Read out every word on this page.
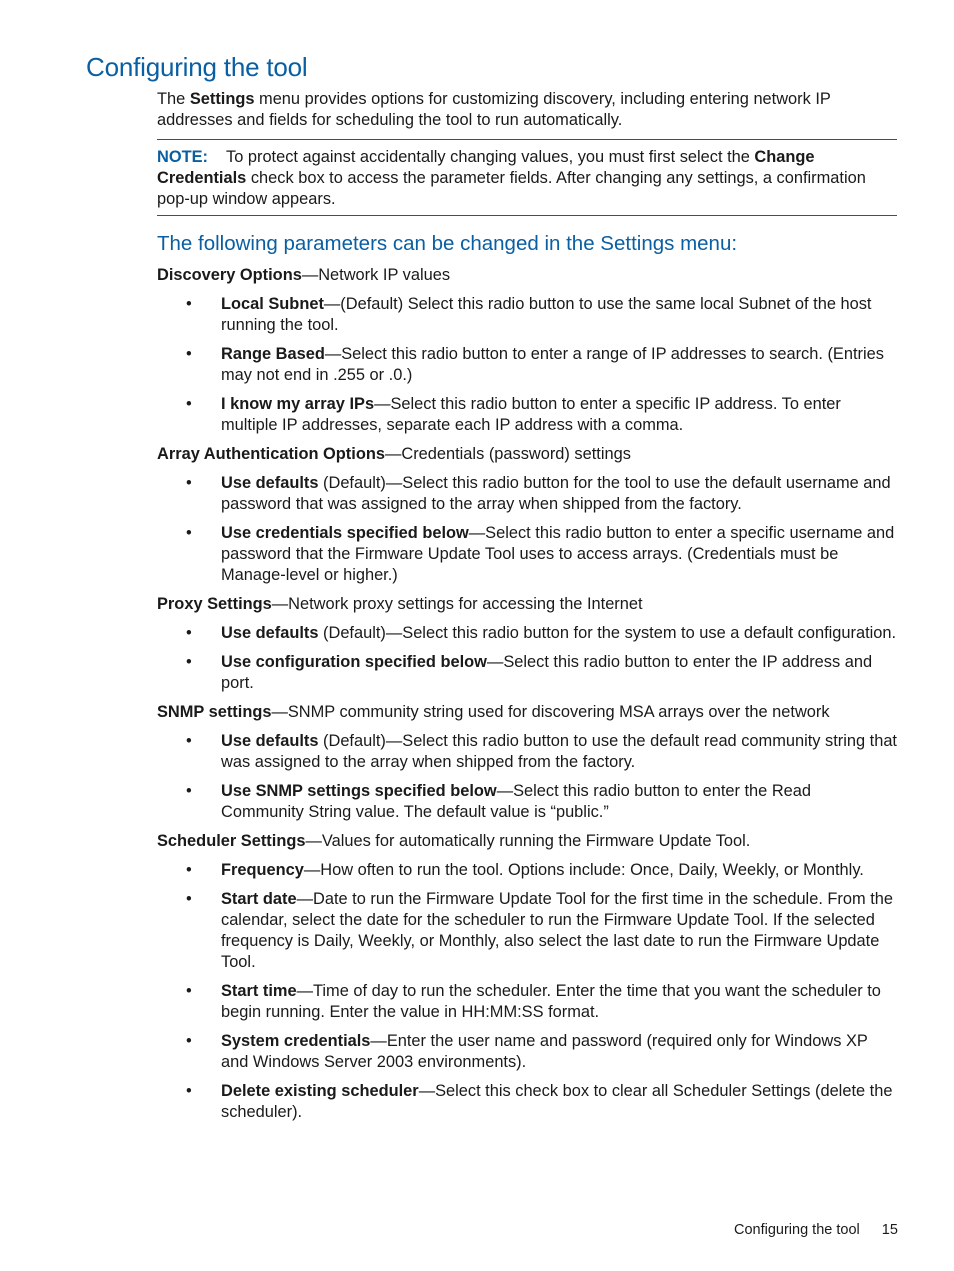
Configuring the tool

The Settings menu provides options for customizing discovery, including entering network IP addresses and fields for scheduling the tool to run automatically.

NOTE: To protect against accidentally changing values, you must first select the Change Credentials check box to access the parameter fields. After changing any settings, a confirmation pop-up window appears.
The following parameters can be changed in the Settings menu:

Discovery Options—Network IP values

• Local Subnet—(Default) Select this radio button to use the same local Subnet of the host running the tool.
• Range Based—Select this radio button to enter a range of IP addresses to search. (Entries may not end in .255 or .0.)
• I know my array IPs—Select this radio button to enter a specific IP address. To enter multiple IP addresses, separate each IP address with a comma.

Array Authentication Options—Credentials (password) settings

• Use defaults (Default)—Select this radio button for the tool to use the default username and password that was assigned to the array when shipped from the factory.
• Use credentials specified below—Select this radio button to enter a specific username and password that the Firmware Update Tool uses to access arrays. (Credentials must be Manage-level or higher.)

Proxy Settings—Network proxy settings for accessing the Internet

• Use defaults (Default)—Select this radio button for the system to use a default configuration.
• Use configuration specified below—Select this radio button to enter the IP address and port.

SNMP settings—SNMP community string used for discovering MSA arrays over the network

• Use defaults (Default)—Select this radio button to use the default read community string that was assigned to the array when shipped from the factory.
• Use SNMP settings specified below—Select this radio button to enter the Read Community String value. The default value is “public.”

Scheduler Settings—Values for automatically running the Firmware Update Tool.

• Frequency—How often to run the tool. Options include: Once, Daily, Weekly, or Monthly.
• Start date—Date to run the Firmware Update Tool for the first time in the schedule. From the calendar, select the date for the scheduler to run the Firmware Update Tool. If the selected frequency is Daily, Weekly, or Monthly, also select the last date to run the Firmware Update Tool.
• Start time—Time of day to run the scheduler. Enter the time that you want the scheduler to begin running. Enter the value in HH:MM:SS format.
• System credentials—Enter the user name and password (required only for Windows XP and Windows Server 2003 environments).
• Delete existing scheduler—Select this check box to clear all Scheduler Settings (delete the scheduler).
Configuring the tool 15
